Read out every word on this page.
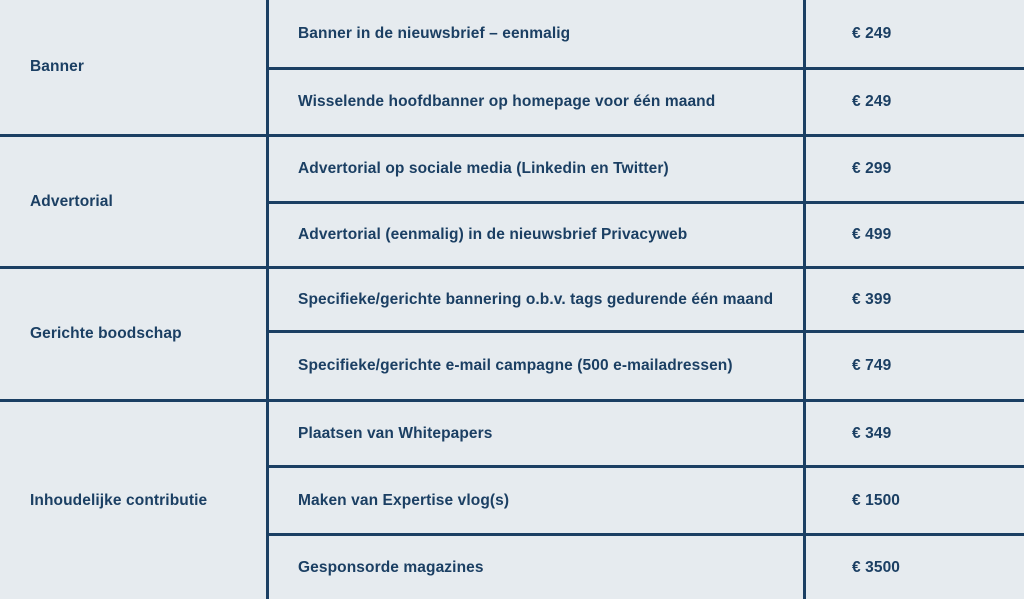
Banner
Banner in de nieuwsbrief – eenmalig	€ 249
Wisselende hoofdbanner op homepage voor één maand	€ 249
Advertorial
Advertorial op sociale media (Linkedin en Twitter)	€ 299
Advertorial (eenmalig) in de nieuwsbrief Privacyweb	€ 499
Gerichte boodschap
Specifieke/gerichte bannering o.b.v. tags gedurende één maand	€ 399
Specifieke/gerichte e-mail campagne (500 e-mailadressen)	€ 749
Inhoudelijke contributie
Plaatsen van Whitepapers	€ 349
Maken van Expertise vlog(s)	€ 1500
Gesponsorde magazines	€ 3500
